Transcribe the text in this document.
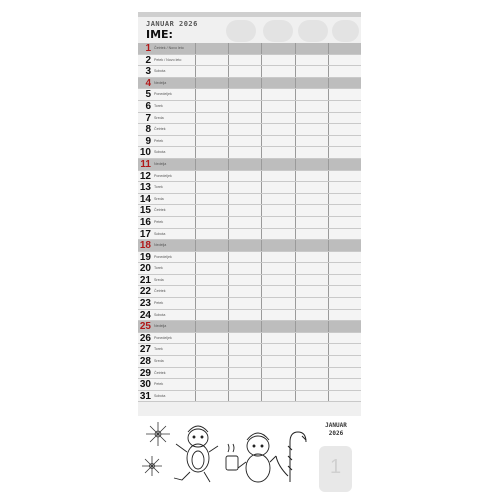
JANUAR 2026
IME:
1 Četrtek / Novo leto
2 Petek / Novo leto
3 Sobota
4 Nedelja
5 Ponedeljek
6 Torek
7 Sreda
8 Četrtek
9 Petek
10 Sobota
11 Nedelja
12 Ponedeljek
13 Torek
14 Sreda
15 Četrtek
16 Petek
17 Sobota
18 Nedelja
19 Ponedeljek
20 Torek
21 Sreda
22 Četrtek
23 Petek
24 Sobota
25 Nedelja
26 Ponedeljek
27 Torek
28 Sreda
29 Četrtek
30 Petek
31 Sobota
JANUAR
2026
1
